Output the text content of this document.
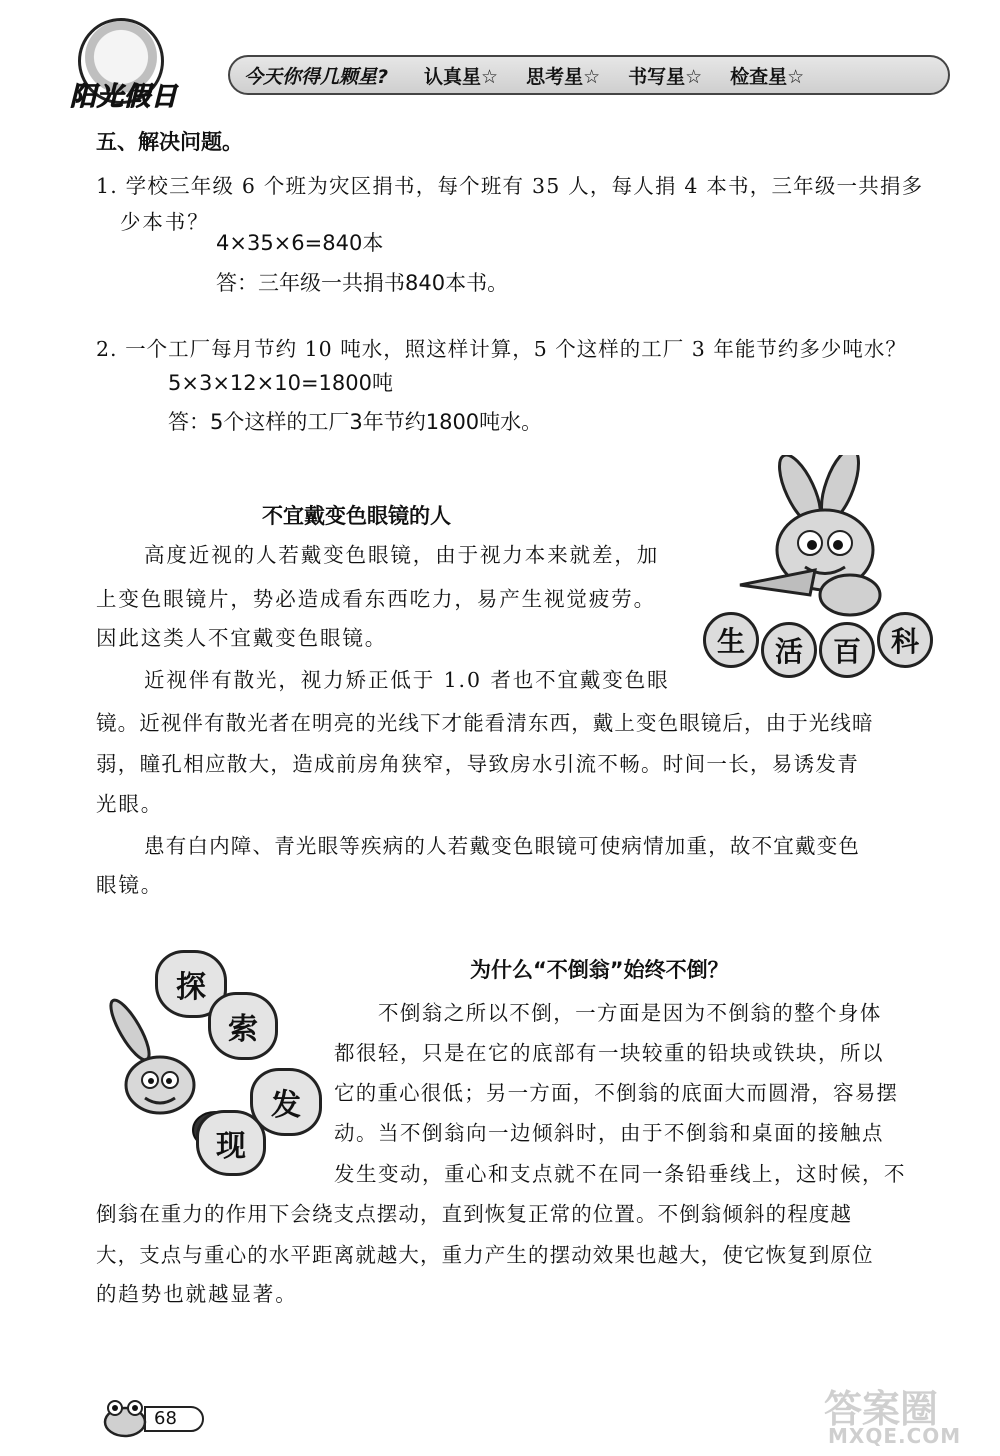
阳光假日
今天你得几颗星? 认真星☆ 思考星☆ 书写星☆ 检查星☆
五、解决问题。
1. 学校三年级 6 个班为灾区捐书，每个班有 35 人，每人捐 4 本书，三年级一共捐多
少本书？
4×35×6=840本
答：三年级一共捐书840本书。
2. 一个工厂每月节约 10 吨水，照这样计算，5 个这样的工厂 3 年能节约多少吨水？
5×3×12×10=1800吨
答：5个这样的工厂3年节约1800吨水。
不宜戴变色眼镜的人
生	活	百	科
高度近视的人若戴变色眼镜，由于视力本来就差，加
上变色眼镜片，势必造成看东西吃力，易产生视觉疲劳。
因此这类人不宜戴变色眼镜。
近视伴有散光，视力矫正低于 1.0 者也不宜戴变色眼
镜。近视伴有散光者在明亮的光线下才能看清东西，戴上变色眼镜后，由于光线暗
弱，瞳孔相应散大，造成前房角狭窄，导致房水引流不畅。时间一长，易诱发青
光眼。
患有白内障、青光眼等疾病的人若戴变色眼镜可使病情加重，故不宜戴变色
眼镜。
为什么“不倒翁”始终不倒？
探
索
发
现
不倒翁之所以不倒，一方面是因为不倒翁的整个身体
都很轻，只是在它的底部有一块较重的铅块或铁块，所以
它的重心很低；另一方面，不倒翁的底面大而圆滑，容易摆
动。当不倒翁向一边倾斜时，由于不倒翁和桌面的接触点
发生变动，重心和支点就不在同一条铅垂线上，这时候，不
倒翁在重力的作用下会绕支点摆动，直到恢复正常的位置。不倒翁倾斜的程度越
大，支点与重心的水平距离就越大，重力产生的摆动效果也越大，使它恢复到原位
的趋势也就越显著。
68	答案圈
MXQE.COM
